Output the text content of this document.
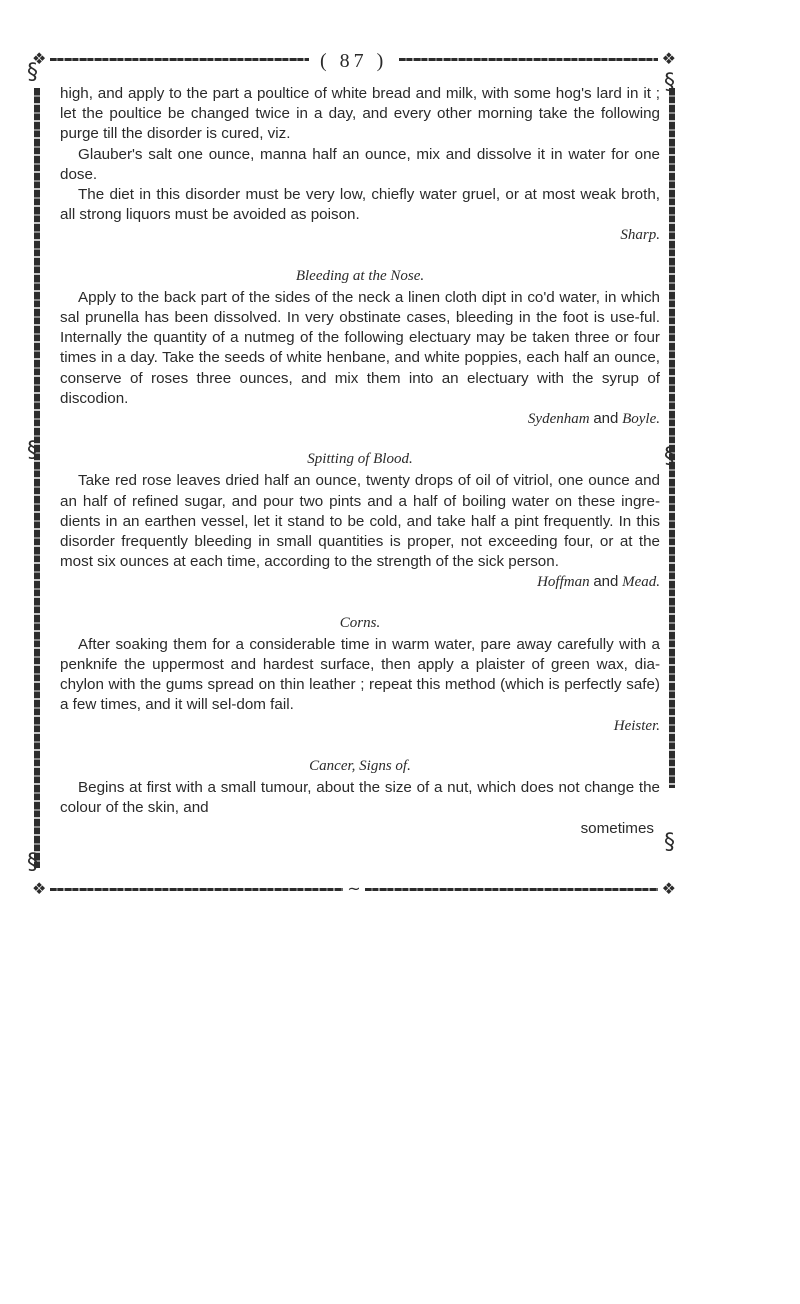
❖	❖
( 87 )
§
§
§
§
§
§

high, and apply to the part a poultice of white bread and milk, with some hog's lard in it ; let the poultice be changed twice in a day, and every other morning take the following purge till the disorder is cured, viz.

Glauber's salt one ounce, manna half an ounce, mix and dissolve it in water for one dose.

The diet in this disorder must be very low, chiefly water gruel, or at most weak broth, all strong liquors must be avoided as poison.

Sharp.

Bleeding at the Nose.

Apply to the back part of the sides of the neck a linen cloth dipt in co'd water, in which sal prunella has been dissolved. In very obstinate cases, bleeding in the foot is use-ful. Internally the quantity of a nutmeg of the following electuary may be taken three or four times in a day. Take the seeds of white henbane, and white poppies, each half an ounce, conserve of roses three ounces, and mix them into an electuary with the syrup of discodion.

Sydenham and Boyle.

Spitting of Blood.

Take red rose leaves dried half an ounce, twenty drops of oil of vitriol, one ounce and an half of refined sugar, and pour two pints and a half of boiling water on these ingre-dients in an earthen vessel, let it stand to be cold, and take half a pint frequently. In this disorder frequently bleeding in small quantities is proper, not exceeding four, or at the most six ounces at each time, according to the strength of the sick person.

Hoffman and Mead.

Corns.

After soaking them for a considerable time in warm water, pare away carefully with a penknife the uppermost and hardest surface, then apply a plaister of green wax, dia-chylon with the gums spread on thin leather ; repeat this method (which is perfectly safe) a few times, and it will sel-dom fail.

Heister.

Cancer, Signs of.

Begins at first with a small tumour, about the size of a nut, which does not change the colour of the skin, and

sometimes

❖	~	❖
